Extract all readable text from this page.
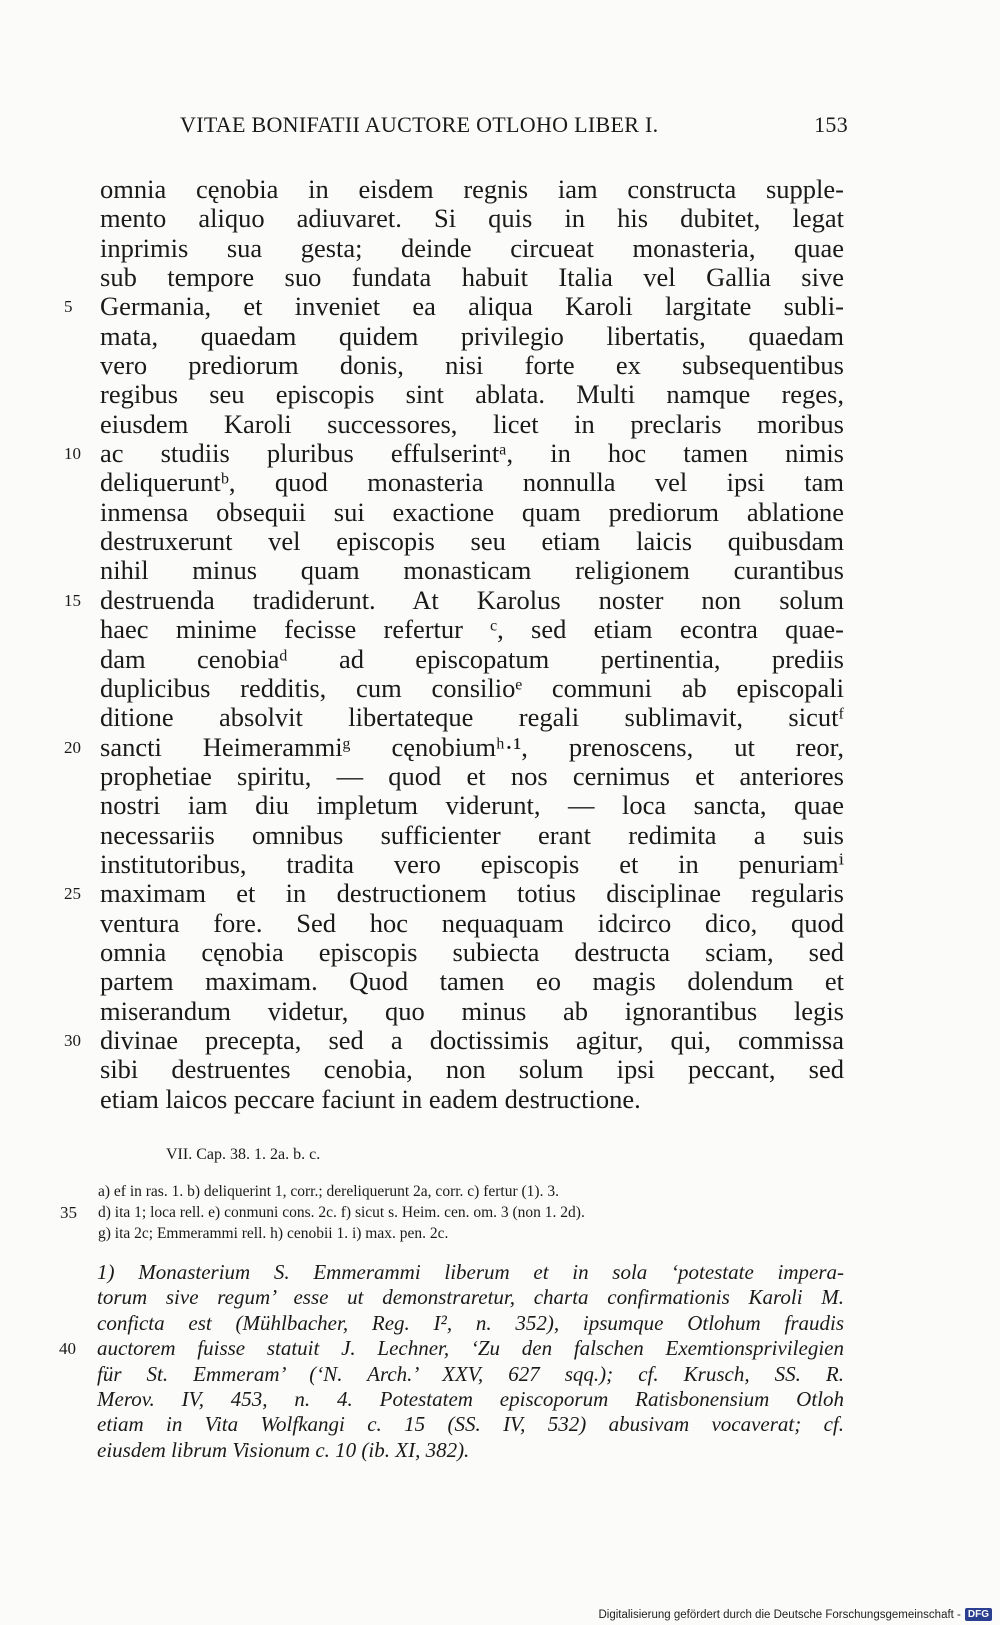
VITAE BONIFATII AUCTORE OTLOHO LIBER I.	153
omnia cęnobia in eisdem regnis iam constructa supple-
mento aliquo adiuvaret. Si quis in his dubitet, legat
inprimis sua gesta; deinde circueat monasteria, quae
sub tempore suo fundata habuit Italia vel Gallia sive
Germania, et inveniet ea aliqua Karoli largitate subli-
5
mata, quaedam quidem privilegio libertatis, quaedam
vero prediorum donis, nisi forte ex subsequentibus
regibus seu episcopis sint ablata. Multi namque reges,
eiusdem Karoli successores, licet in preclaris moribus
ac studiis pluribus effulserintᵃ, in hoc tamen nimis
10
deliqueruntᵇ, quod monasteria nonnulla vel ipsi tam
inmensa obsequii sui exactione quam prediorum ablatione
destruxerunt vel episcopis seu etiam laicis quibusdam
nihil minus quam monasticam religionem curantibus
destruenda tradiderunt. At Karolus noster non solum
15
haec minime fecisse refertur ᶜ, sed etiam econtra quae-
dam cenobiaᵈ ad episcopatum pertinentia, prediis
duplicibus redditis, cum consilioᵉ communi ab episcopali
ditione absolvit libertateque regali sublimavit, sicutᶠ
sancti Heimerammiᵍ cęnobiumʰ·¹, prenoscens, ut reor,
20
prophetiae spiritu, — quod et nos cernimus et anteriores
nostri iam diu impletum viderunt, — loca sancta, quae
necessariis omnibus sufficienter erant redimita a suis
institutoribus, tradita vero episcopis et in penuriamⁱ
maximam et in destructionem totius disciplinae regularis
25
ventura fore. Sed hoc nequaquam idcirco dico, quod
omnia cęnobia episcopis subiecta destructa sciam, sed
partem maximam. Quod tamen eo magis dolendum et
miserandum videtur, quo minus ab ignorantibus legis
divinae precepta, sed a doctissimis agitur, qui, commissa
30
sibi destruentes cenobia, non solum ipsi peccant, sed
etiam laicos peccare faciunt in eadem destructione.
VII. Cap. 38. 1. 2a. b. c.
a) ef in ras. 1. b) deliquerint 1, corr.; dereliquerunt 2a, corr. c) fertur (1). 3.
d) ita 1; loca rell. e) conmuni cons. 2c. f) sicut s. Heim. cen. om. 3 (non 1. 2d).
35
g) ita 2c; Emmerammi rell. h) cenobii 1. i) max. pen. 2c.
1) Monasterium S. Emmerammi liberum et in sola ‘potestate impera-
torum sive regum’ esse ut demonstraretur, charta confirmationis Karoli M.
conficta est (Mühlbacher, Reg. I², n. 352), ipsumque Otlohum fraudis
auctorem fuisse statuit J. Lechner, ‘Zu den falschen Exemtionsprivilegien
40
für St. Emmeram’ (‘N. Arch.’ XXV, 627 sqq.); cf. Krusch, SS. R.
Merov. IV, 453, n. 4. Potestatem episcoporum Ratisbonensium Otloh
etiam in Vita Wolfkangi c. 15 (SS. IV, 532) abusivam vocaverat; cf.
eiusdem librum Visionum c. 10 (ib. XI, 382).
Digitalisierung gefördert durch die Deutsche Forschungsgemeinschaft - DFG
